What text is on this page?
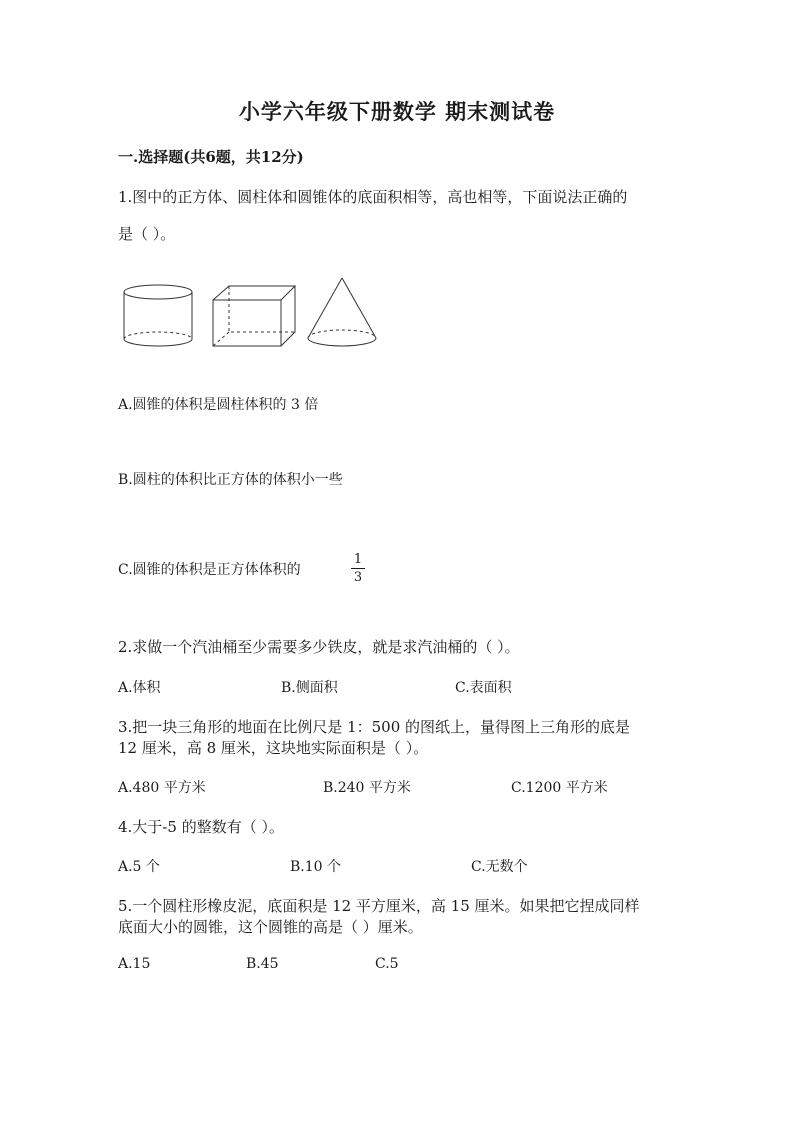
小学六年级下册数学 期末测试卷
一.选择题(共6题，共12分)
1.图中的正方体、圆柱体和圆锥体的底面积相等，高也相等，下面说法正确的
是（ ）。
A.圆锥的体积是圆柱体积的 3 倍
B.圆柱的体积比正方体的体积小一些
C.圆锥的体积是正方体体积的
1
3
2.求做一个汽油桶至少需要多少铁皮，就是求汽油桶的（ ）。
A.体积	B.侧面积	C.表面积
3.把一块三角形的地面在比例尺是 1：500 的图纸上，量得图上三角形的底是
12 厘米，高 8 厘米，这块地实际面积是（ ）。
A.480 平方米	B.240 平方米	C.1200 平方米
4.大于-5 的整数有（ ）。
A.5 个	B.10 个	C.无数个
5.一个圆柱形橡皮泥，底面积是 12 平方厘米，高 15 厘米。如果把它捏成同样
底面大小的圆锥，这个圆锥的高是（ ）厘米。
A.15	B.45	C.5
